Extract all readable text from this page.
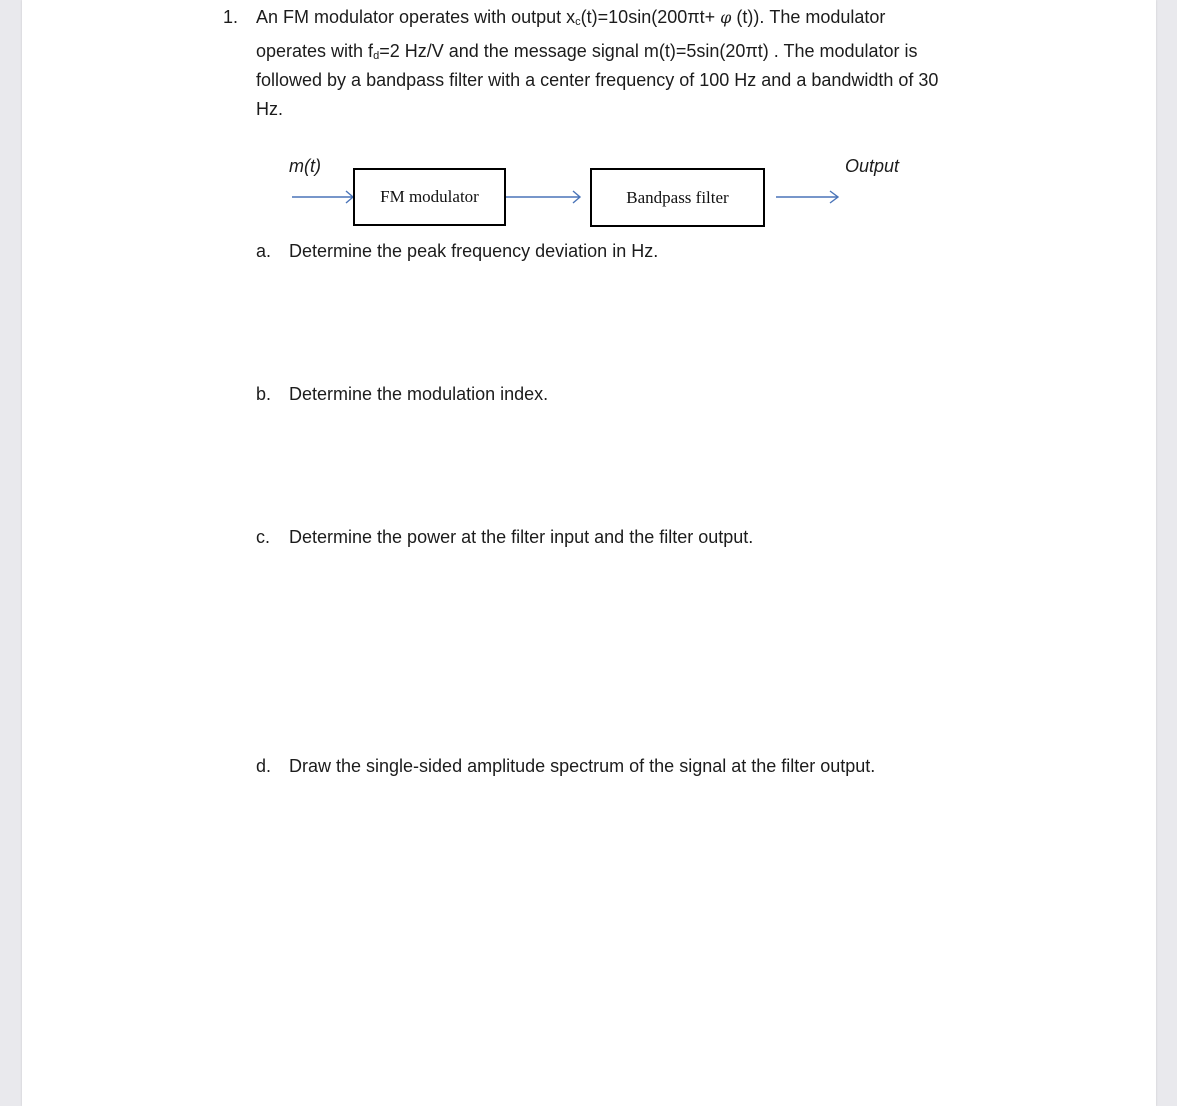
1. An FM modulator operates with output xc(t)=10sin(200πt+ φ (t)). The modulator
operates with fd=2 Hz/V and the message signal m(t)=5sin(20πt) . The modulator is
followed by a bandpass filter with a center frequency of 100 Hz and a bandwidth of 30
Hz.
m(t)	Output
FM modulator	Bandpass filter
a. Determine the peak frequency deviation in Hz.
b. Determine the modulation index.
c. Determine the power at the filter input and the filter output.
d. Draw the single-sided amplitude spectrum of the signal at the filter output.
